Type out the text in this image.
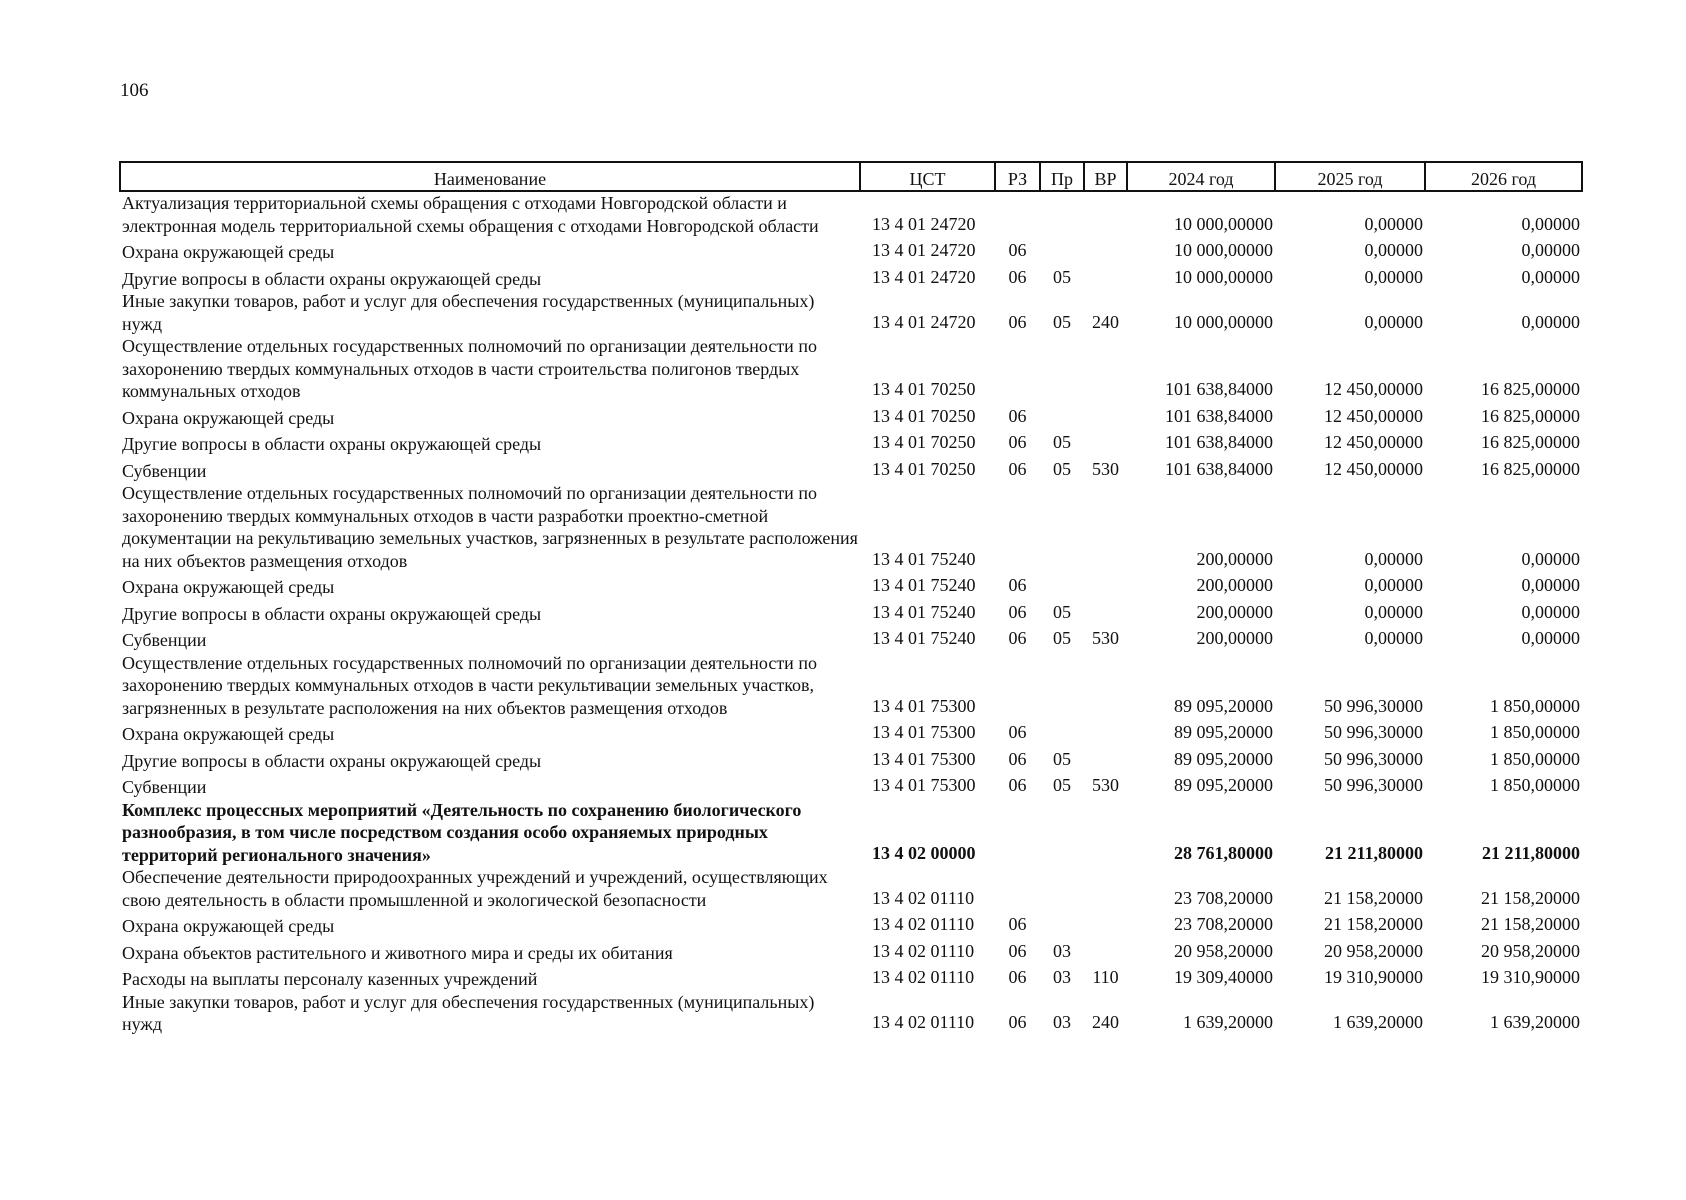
106
Наименование	ЦСТ	РЗ	Пр	ВР	2024 год	2025 год	2026 год
Актуализация территориальной схемы обращения с отходами Новгородской области и электронная модель территориальной схемы обращения с отходами Новгородской области	13 4 01 24720				10 000,00000	0,00000	0,00000
Охрана окружающей среды	13 4 01 24720	06			10 000,00000	0,00000	0,00000
Другие вопросы в области охраны окружающей среды	13 4 01 24720	06	05		10 000,00000	0,00000	0,00000
Иные закупки товаров, работ и услуг для обеспечения государственных (муниципальных) нужд	13 4 01 24720	06	05	240	10 000,00000	0,00000	0,00000
Осуществление отдельных государственных полномочий по организации деятельности по захоронению твердых коммунальных отходов в части строительства полигонов твердых коммунальных отходов	13 4 01 70250				101 638,84000	12 450,00000	16 825,00000
Охрана окружающей среды	13 4 01 70250	06			101 638,84000	12 450,00000	16 825,00000
Другие вопросы в области охраны окружающей среды	13 4 01 70250	06	05		101 638,84000	12 450,00000	16 825,00000
Субвенции	13 4 01 70250	06	05	530	101 638,84000	12 450,00000	16 825,00000
Осуществление отдельных государственных полномочий по организации деятельности по захоронению твердых коммунальных отходов в части разработки проектно-сметной документации на рекультивацию земельных участков, загрязненных в результате расположения на них объектов размещения отходов	13 4 01 75240				200,00000	0,00000	0,00000
Охрана окружающей среды	13 4 01 75240	06			200,00000	0,00000	0,00000
Другие вопросы в области охраны окружающей среды	13 4 01 75240	06	05		200,00000	0,00000	0,00000
Субвенции	13 4 01 75240	06	05	530	200,00000	0,00000	0,00000
Осуществление отдельных государственных полномочий по организации деятельности по захоронению твердых коммунальных отходов в части рекультивации земельных участков, загрязненных в результате расположения на них объектов размещения отходов	13 4 01 75300				89 095,20000	50 996,30000	1 850,00000
Охрана окружающей среды	13 4 01 75300	06			89 095,20000	50 996,30000	1 850,00000
Другие вопросы в области охраны окружающей среды	13 4 01 75300	06	05		89 095,20000	50 996,30000	1 850,00000
Субвенции	13 4 01 75300	06	05	530	89 095,20000	50 996,30000	1 850,00000
Комплекс процессных мероприятий «Деятельность по сохранению биологического разнообразия, в том числе посредством создания особо охраняемых природных территорий регионального значения»	13 4 02 00000				28 761,80000	21 211,80000	21 211,80000
Обеспечение деятельности природоохранных учреждений и учреждений, осуществляющих свою деятельность в области промышленной и экологической безопасности	13 4 02 01110				23 708,20000	21 158,20000	21 158,20000
Охрана окружающей среды	13 4 02 01110	06			23 708,20000	21 158,20000	21 158,20000
Охрана объектов растительного и животного мира и среды их обитания	13 4 02 01110	06	03		20 958,20000	20 958,20000	20 958,20000
Расходы на выплаты персоналу казенных учреждений	13 4 02 01110	06	03	110	19 309,40000	19 310,90000	19 310,90000
Иные закупки товаров, работ и услуг для обеспечения государственных (муниципальных) нужд	13 4 02 01110	06	03	240	1 639,20000	1 639,20000	1 639,20000
